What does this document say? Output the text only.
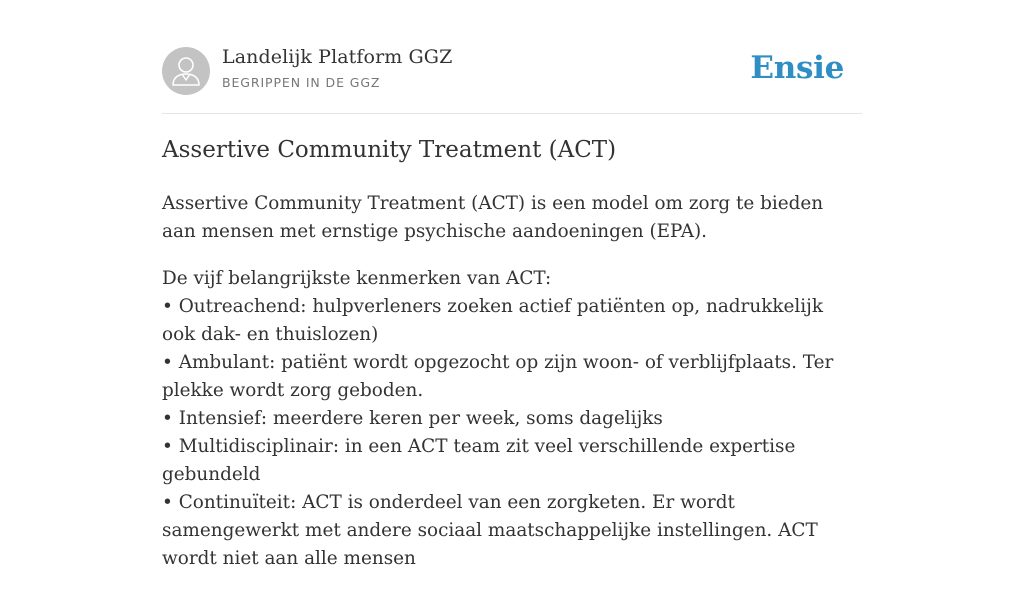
Landelijk Platform GGZ
BEGRIPPEN IN DE GGZ	Ensie
Assertive Community Treatment (ACT)

Assertive Community Treatment (ACT) is een model om zorg te bieden aan mensen met ernstige psychische aandoeningen (EPA).

De vijf belangrijkste kenmerken van ACT:
• Outreachend: hulpverleners zoeken actief patiënten op, nadrukkelijk ook dak- en thuislozen)
• Ambulant: patiënt wordt opgezocht op zijn woon- of verblijfplaats. Ter plekke wordt zorg geboden.
• Intensief: meerdere keren per week, soms dagelijks
• Multidisciplinair: in een ACT team zit veel verschillende expertise gebundeld
• Continuïteit: ACT is onderdeel van een zorgketen. Er wordt samengewerkt met andere sociaal maatschappelijke instellingen. ACT wordt niet aan alle mensen
